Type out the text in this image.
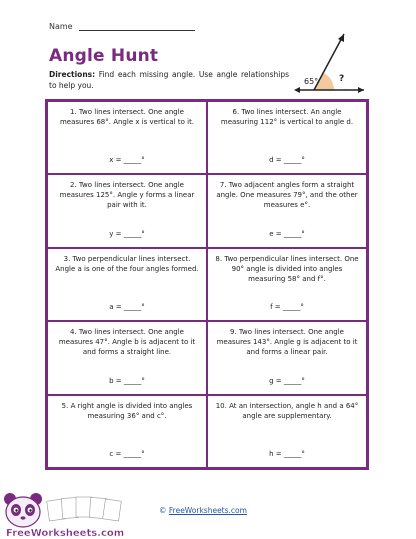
Name
Angle Hunt
Directions: Find each missing angle. Use angle relationships to help you.	65° ?
1. Two lines intersect. One angle measures 68°. Angle x is vertical to it.
x = _____°
6. Two lines intersect. An angle measuring 112° is vertical to angle d.
d = _____°
2. Two lines intersect. One angle measures 125°. Angle y forms a linear pair with it.
y = _____°
7. Two adjacent angles form a straight angle. One measures 79°, and the other measures e°.
e = _____°
3. Two perpendicular lines intersect. Angle a is one of the four angles formed.
a = _____°
8. Two perpendicular lines intersect. One 90° angle is divided into angles measuring 58° and f°.
f = _____°
4. Two lines intersect. One angle measures 47°. Angle b is adjacent to it and forms a straight line.
b = _____°
9. Two lines intersect. One angle measures 143°. Angle g is adjacent to it and forms a linear pair.
g = _____°
5. A right angle is divided into angles measuring 36° and c°.
c = _____°
10. At an intersection, angle h and a 64° angle are supplementary.
h = _____°
FreeWorksheets.com
© FreeWorksheets.com
